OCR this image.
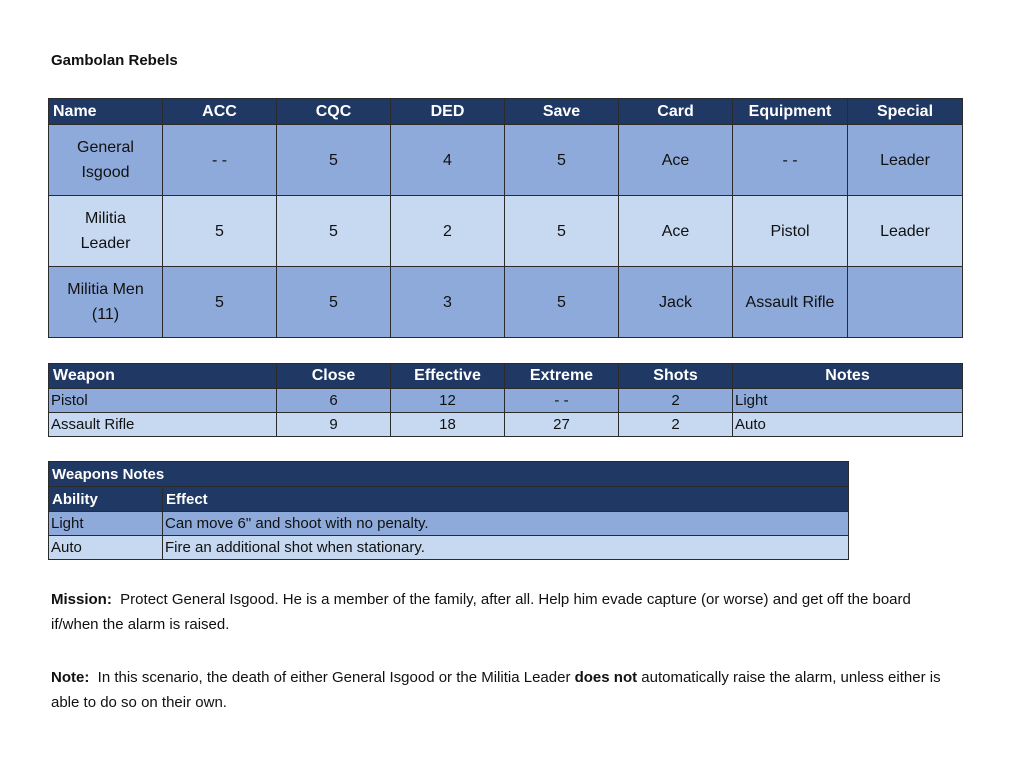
Gambolan Rebels
Name	ACC	CQC	DED	Save	Card	Equipment	Special
General
Isgood	- -	5	4	5	Ace	- -	Leader
Militia
Leader	5	5	2	5	Ace	Pistol	Leader
Militia Men
(11)	5	5	3	5	Jack	Assault Rifle	
Weapon	Close	Effective	Extreme	Shots	Notes
Pistol	6	12	- -	2	Light
Assault Rifle	9	18	27	2	Auto
Weapons Notes	
Ability	Effect
Light	Can move 6" and shoot with no penalty.
Auto	Fire an additional shot when stationary.
Mission:  Protect General Isgood. He is a member of the family, after all. Help him evade capture (or worse) and get off the board if/when the alarm is raised.
Note:  In this scenario, the death of either General Isgood or the Militia Leader does not automatically raise the alarm, unless either is able to do so on their own.
